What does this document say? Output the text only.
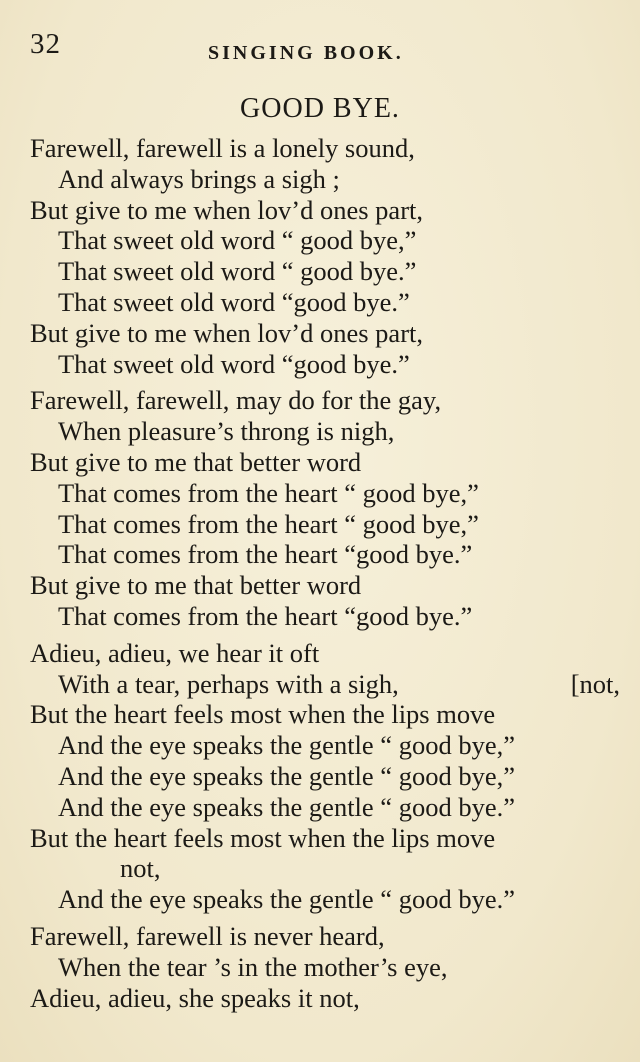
32	SINGING BOOK.
GOOD BYE.
Farewell, farewell is a lonely sound,
And always brings a sigh ;
But give to me when lov’d ones part,
That sweet old word “ good bye,”
That sweet old word “ good bye.”
That sweet old word “good bye.”
But give to me when lov’d ones part,
That sweet old word “good bye.”
Farewell, farewell, may do for the gay,
When pleasure’s throng is nigh,
But give to me that better word
That comes from the heart “ good bye,”
That comes from the heart “ good bye,”
That comes from the heart “good bye.”
But give to me that better word
That comes from the heart “good bye.”
Adieu, adieu, we hear it oft
With a tear, perhaps with a sigh,	[not,
But the heart feels most when the lips move
And the eye speaks the gentle “ good bye,”
And the eye speaks the gentle “ good bye,”
And the eye speaks the gentle “ good bye.”
But the heart feels most when the lips move
not,
And the eye speaks the gentle “ good bye.”
Farewell, farewell is never heard,
When the tear ’s in the mother’s eye,
Adieu, adieu, she speaks it not,
